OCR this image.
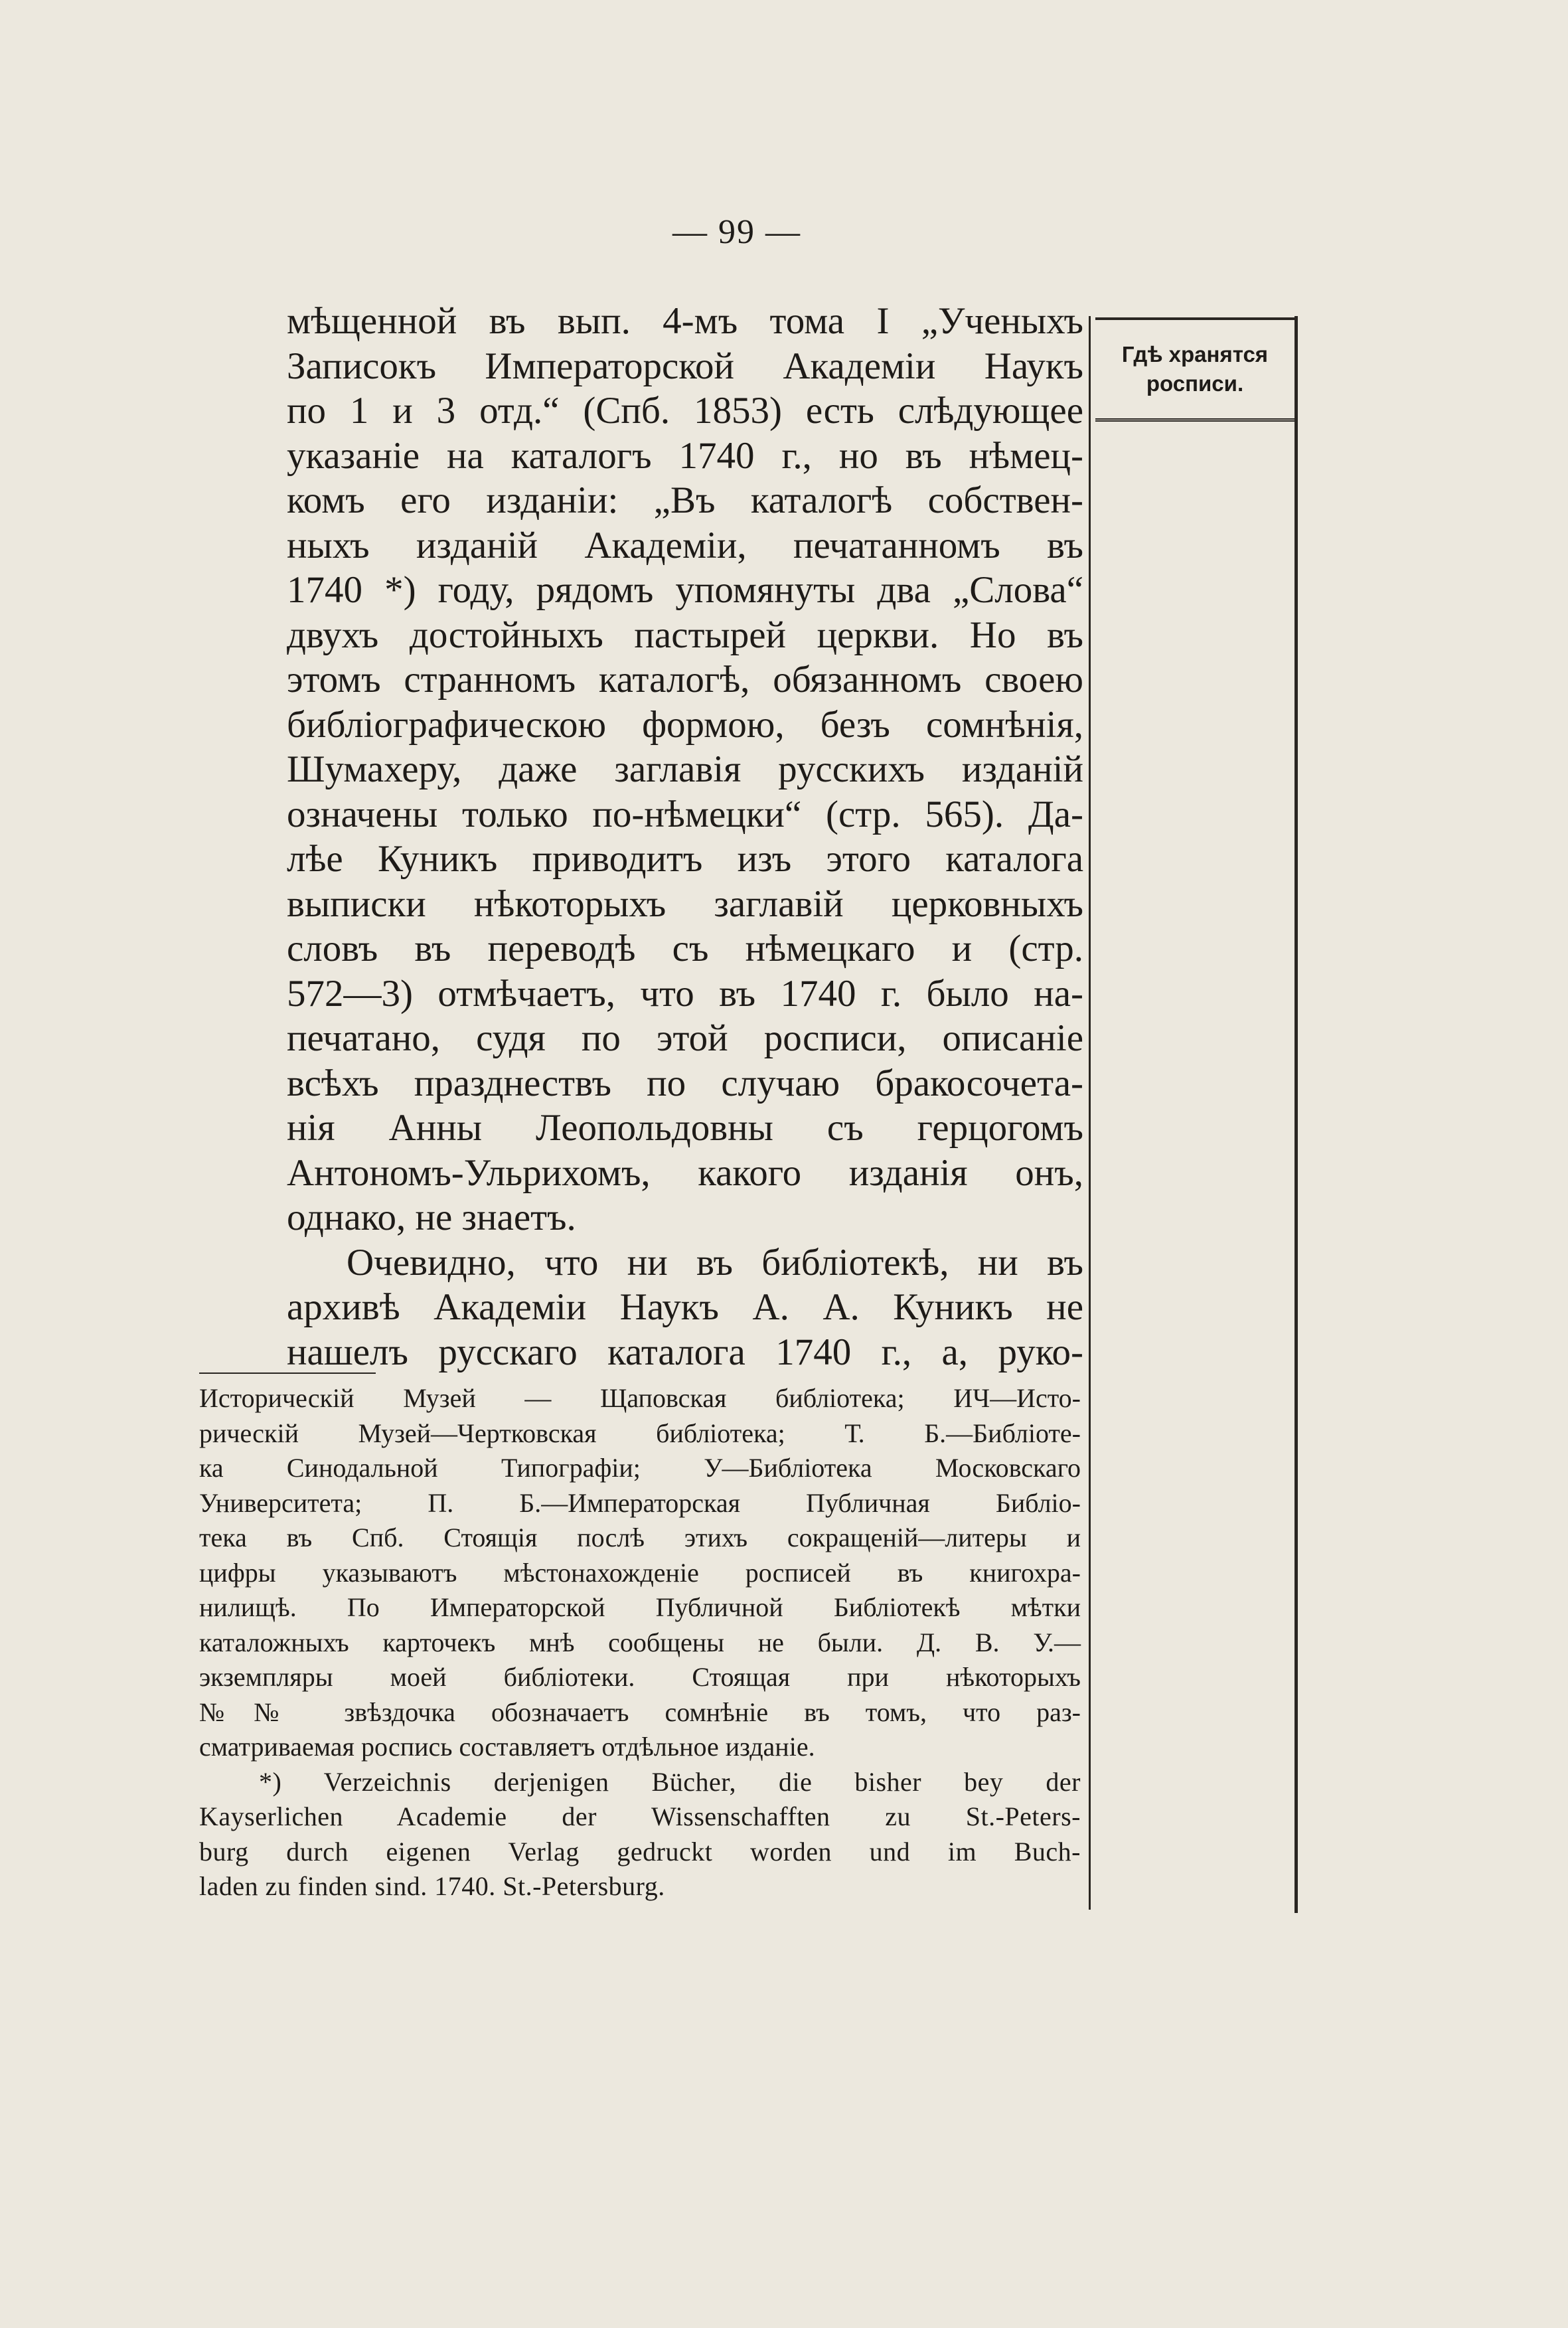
— 99 —
мѣщенной въ вып. 4-мъ тома I „Ученыхъ
Записокъ Императорской Академіи Наукъ
по 1 и 3 отд.“ (Спб. 1853) есть слѣдующее
указаніе на каталогъ 1740 г., но въ нѣмец-
комъ его изданіи: „Въ каталогѣ собствен-
ныхъ изданій Академіи, печатанномъ въ
1740 *) году, рядомъ упомянуты два „Слова“
двухъ достойныхъ пастырей церкви. Но въ
этомъ странномъ каталогѣ, обязанномъ своею
библіографическою формою, безъ сомнѣнія,
Шумахеру, даже заглавія русскихъ изданій
означены только по-нѣмецки“ (стр. 565). Да-
лѣе Куникъ приводитъ изъ этого каталога
выписки нѣкоторыхъ заглавій церковныхъ
словъ въ переводѣ съ нѣмецкаго и (стр.
572—3) отмѣчаетъ, что въ 1740 г. было на-
печатано, судя по этой росписи, описаніе
всѣхъ празднествъ по случаю бракосочета-
нія Анны Леопольдовны съ герцогомъ
Антономъ-Ульрихомъ, какого изданія онъ,
однако, не знаетъ.
Очевидно, что ни въ библіотекѣ, ни въ
архивѣ Академіи Наукъ А. А. Куникъ не
нашелъ русскаго каталога 1740 г., а, руко-
Гдѣ хранятся
росписи.
Историческій Музей — Щаповская библіотека; ИЧ—Исто-
рическій Музей—Чертковская библіотека; Т. Б.—Библіоте-
ка Синодальной Типографіи; У—Библіотека Московскаго
Университета; П. Б.—Императорская Публичная Библіо-
тека въ Спб. Стоящія послѣ этихъ сокращеній—литеры и
цифры указываютъ мѣстонахожденіе росписей въ книгохра-
нилищѣ. По Императорской Публичной Библіотекѣ мѣтки
каталожныхъ карточекъ мнѣ сообщены не были. Д. В. У.—
экземпляры моей библіотеки. Стоящая при нѣкоторыхъ
№№ звѣздочка обозначаетъ сомнѣніе въ томъ, что раз-
сматриваемая роспись составляетъ отдѣльное изданіе.
*) Verzeichnis derjenigen Bücher, die bisher bey der
Kayserlichen Academie der Wissenschafften zu St.-Peters-
burg durch eigenen Verlag gedruckt worden und im Buch-
laden zu finden sind. 1740. St.-Petersburg.
